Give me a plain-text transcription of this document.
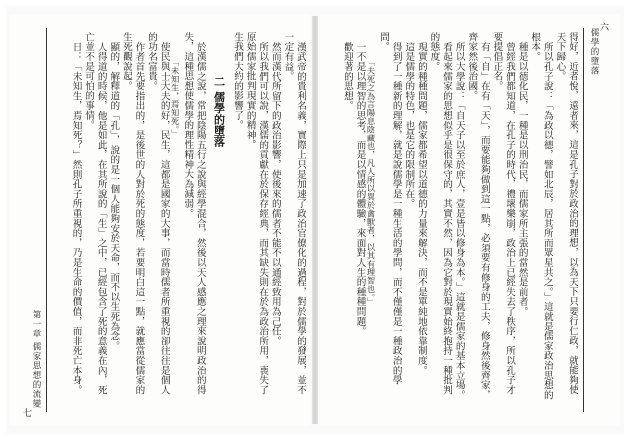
七
第一章 儒家思想的流變	漢武帝的貴利名義，實際上只是加速了政治官僚化的過程，對於儒學的發展，並不一定有益。

然而漢代所留下的政治影響，使後來的儒者不能不以通經致用為己任。

所以我們可以說，漢儒的貢獻在於保存經典，而其缺失則在於為政治所用，喪失了原始儒家批判現實的精神。

生我們大約的影響了。

二 儒學的墮落

於漢儒之說，常把陰陽五行之說與經學混合，然後以天人感應之理來說明政治的得失，這種思想使儒學的理性精神大為減弱。

「未知生，焉知死。」

使民與士大夫的好，民生，這都是國家的大事，而當時儒者所重視的卻往往是個人的功名富貴。

作者首先要指出的，是後世的人對於死的態度，若要明白這一點，就應當從儒家的生死觀說起。

顯的，解釋道的「孔」，說的是一個人能夠安於天命，而不以生死為念。

人得道的時候，他是如此，在其所說的「生」之中，已經包含了死的意義在內，死亡並不是可怕的事情。

日：「未知生，焉知死？」然則孔子所重視的，乃是生命的價值，而非死亡本身。

六
儒學的墮落

得好，近者悅，遠者來，這是孔子對於政治的理想，以為天下只要行仁政，就能夠使天下歸心。

所以孔子說：「為政以德，譬如北辰，居其所而眾星共之。」這就是儒家政治思想的根本。

種是以德化民，一種是以刑治民，而儒家所主張的當然是前者。

曾經我們都知道，在孔子的時代，禮壞樂崩，政治上已經失去了秩序，所以孔子才要提倡正名。

有「自」在有「天」，而要能夠做到這一點，必須要有修身的工夫，修身然後齊家，齊家然後治國。

所以大學說：「自天子以至於庶人，壹是皆以修身為本。」這就是儒家的基本立場。

看起來儒家的思想似乎是很保守的，其實不然，因為它對於現實始終抱持一種批判的態度。

現實的種種問題，儒家都希望以道德的力量來解決，而不是單純地依靠制度。

這是儒學的特色，也是它的限制所在。

得到了一種新的理解，就是說儒學是一種生活的學問，而不僅僅是一種政治的學問。

「夫死之為言陽息陰藏也，凡人所以異於禽獸者，以其有理智也。」

一不是以理智的思考，而是以情感的體驗，來面對人生的種種問題。

歡迎著的思想。
